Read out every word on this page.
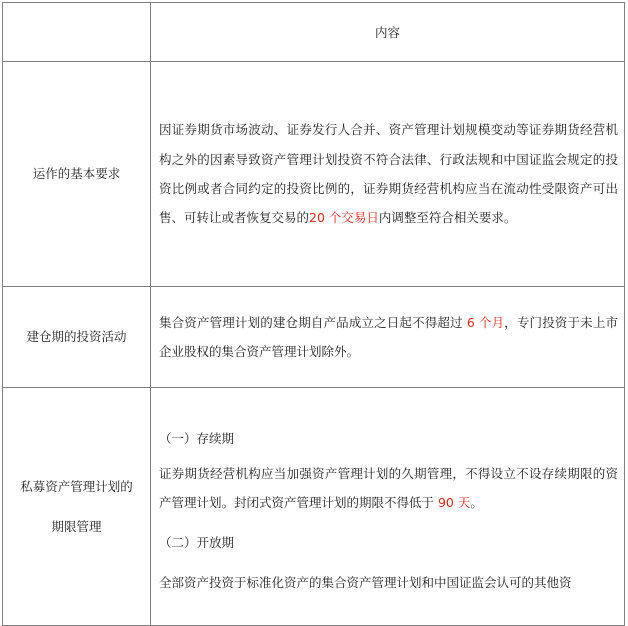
	内容
运作的基本要求	因证券期货市场波动、证券发行人合并、资产管理计划规模变动等证券期货经营机构之外的因素导致资产管理计划投资不符合法律、行政法规和中国证监会规定的投资比例或者合同约定的投资比例的，证券期货经营机构应当在流动性受限资产可出售、可转让或者恢复交易的20 个交易日内调整至符合相关要求。
建仓期的投资活动	集合资产管理计划的建仓期自产品成立之日起不得超过 6 个月，专门投资于未上市企业股权的集合资产管理计划除外。

私募资产管理计划的
期限管理	（一）存续期
证券期货经营机构应当加强资产管理计划的久期管理，不得设立不设存续期限的资产管理计划。封闭式资产管理计划的期限不得低于 90 天。
（二）开放期
全部资产投资于标准化资产的集合资产管理计划和中国证监会认可的其他资
